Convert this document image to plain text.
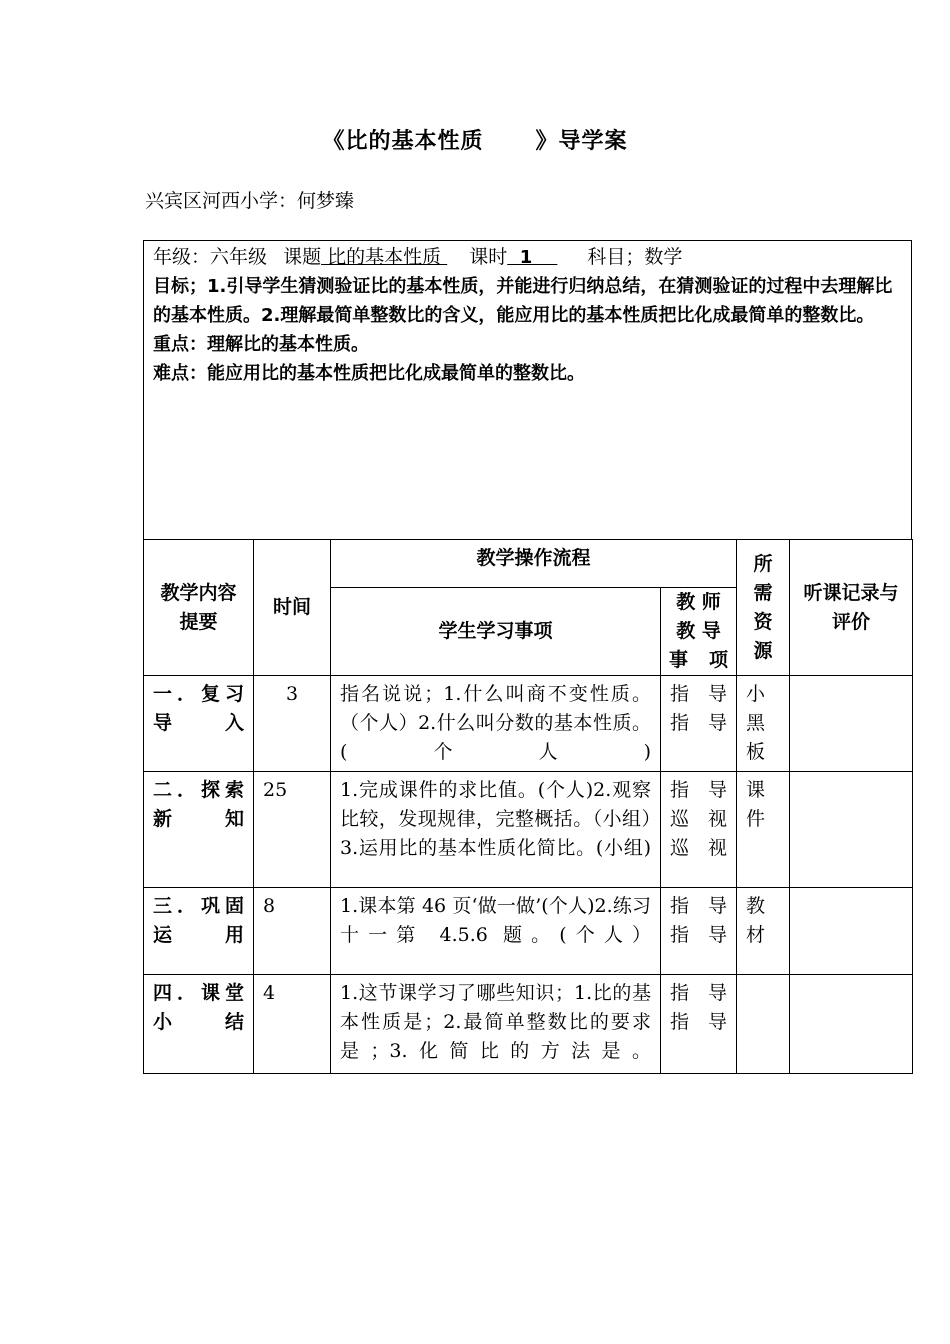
《比的基本性质      》导学案
兴宾区河西小学：何梦臻
年级：六年级 课题 比的基本性质  课时  1     科目；数学
目标；1.引导学生猜测验证比的基本性质，并能进行归纳总结，在猜测验证的过程中去理解比的基本性质。2.理解最简单整数比的含义，能应用比的基本性质把比化成最简单的整数比。
重点：理解比的基本性质。
难点：能应用比的基本性质把比化成最简单的整数比。
教学内容提要	时间	教学操作流程		所需资源	听课记录与评价
		学生学习事项	教 师 教 导 事 项		
一．复习导入	3	指名说说；1.什么叫商不变性质。（个人）2.什么叫分数的基本性质。(个人)	指 导 指导	小黑板	
二．探索新知	25	1.完成课件的求比值。(个人)2.观察比较，发现规律，完整概括。（小组）3.运用比的基本性质化简比。(小组)	指 导 巡 视 巡视	课件	
三．巩固运用	8	1.课本第 46 页‘做一做’(个人)2.练习十一第 4.5.6 题。(个人）	指 导 指导	教材	
四．课堂小结	4	1.这节课学习了哪些知识；1.比的基本性质是；2.最简单整数比的要求是；3.化简比的方法是。	指 导 指导		
